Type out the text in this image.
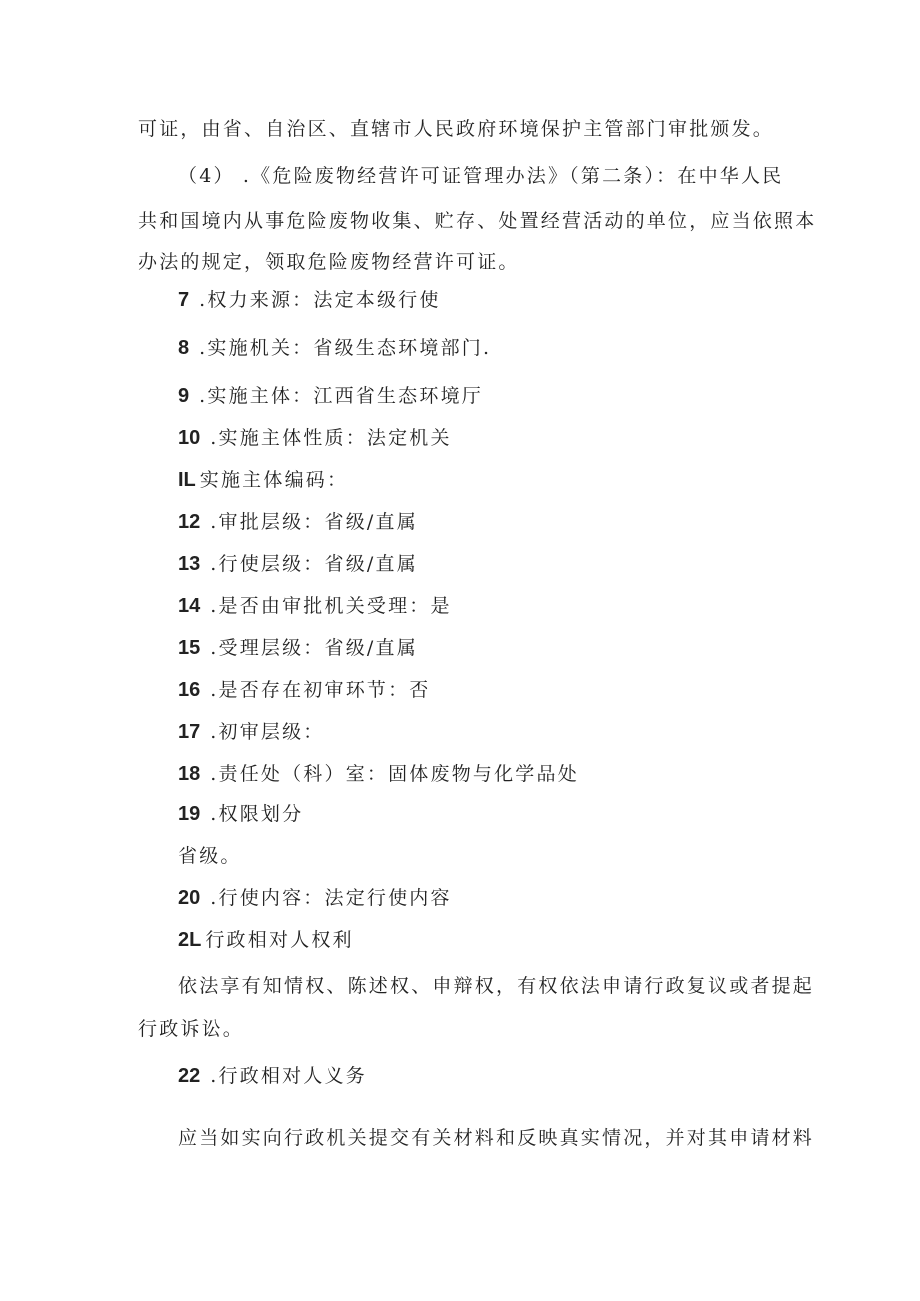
可证，由省、自治区、直辖市人民政府环境保护主管部门审批颁发。
（4） .《危险废物经营许可证管理办法》（第二条）：在中华人民
共和国境内从事危险废物收集、贮存、处置经营活动的单位，应当依照本
办法的规定，领取危险废物经营许可证。
7 .权力来源：法定本级行使
8 .实施机关：省级生态环境部门.
9 .实施主体：江西省生态环境厅
10 .实施主体性质：法定机关
IL 实施主体编码：
12 .审批层级：省级/直属
13 .行使层级：省级/直属
14 .是否由审批机关受理：是
15 .受理层级：省级/直属
16 .是否存在初审环节：否
17 .初审层级：
18 .责任处（科）室：固体废物与化学品处
19 .权限划分
省级。
20 .行使内容：法定行使内容
2L 行政相对人权利
依法享有知情权、陈述权、申辩权，有权依法申请行政复议或者提起
行政诉讼。
22 .行政相对人义务
应当如实向行政机关提交有关材料和反映真实情况，并对其申请材料
